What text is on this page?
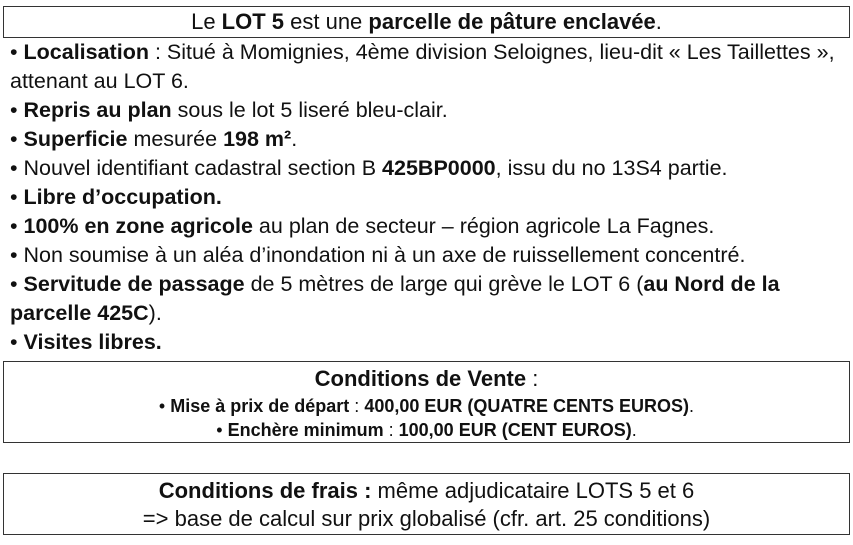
Le LOT 5 est une parcelle de pâture enclavée.
• Localisation : Situé à Momignies, 4ème division Seloignes, lieu-dit « Les Taillettes », attenant au LOT 6.
• Repris au plan sous le lot 5 liseré bleu-clair.
• Superficie mesurée 198 m².
• Nouvel identifiant cadastral section B 425BP0000, issu du no 13S4 partie.
• Libre d’occupation.
• 100% en zone agricole au plan de secteur – région agricole La Fagnes.
• Non soumise à un aléa d’inondation ni à un axe de ruissellement concentré.
• Servitude de passage de 5 mètres de large qui grève le LOT 6 (au Nord de la parcelle 425C).
• Visites libres.
Conditions de Vente :
• Mise à prix de départ : 400,00 EUR (QUATRE CENTS EUROS).
• Enchère minimum : 100,00 EUR (CENT EUROS).
Conditions de frais : même adjudicataire LOTS 5 et 6
=> base de calcul sur prix globalisé (cfr. art. 25 conditions)
